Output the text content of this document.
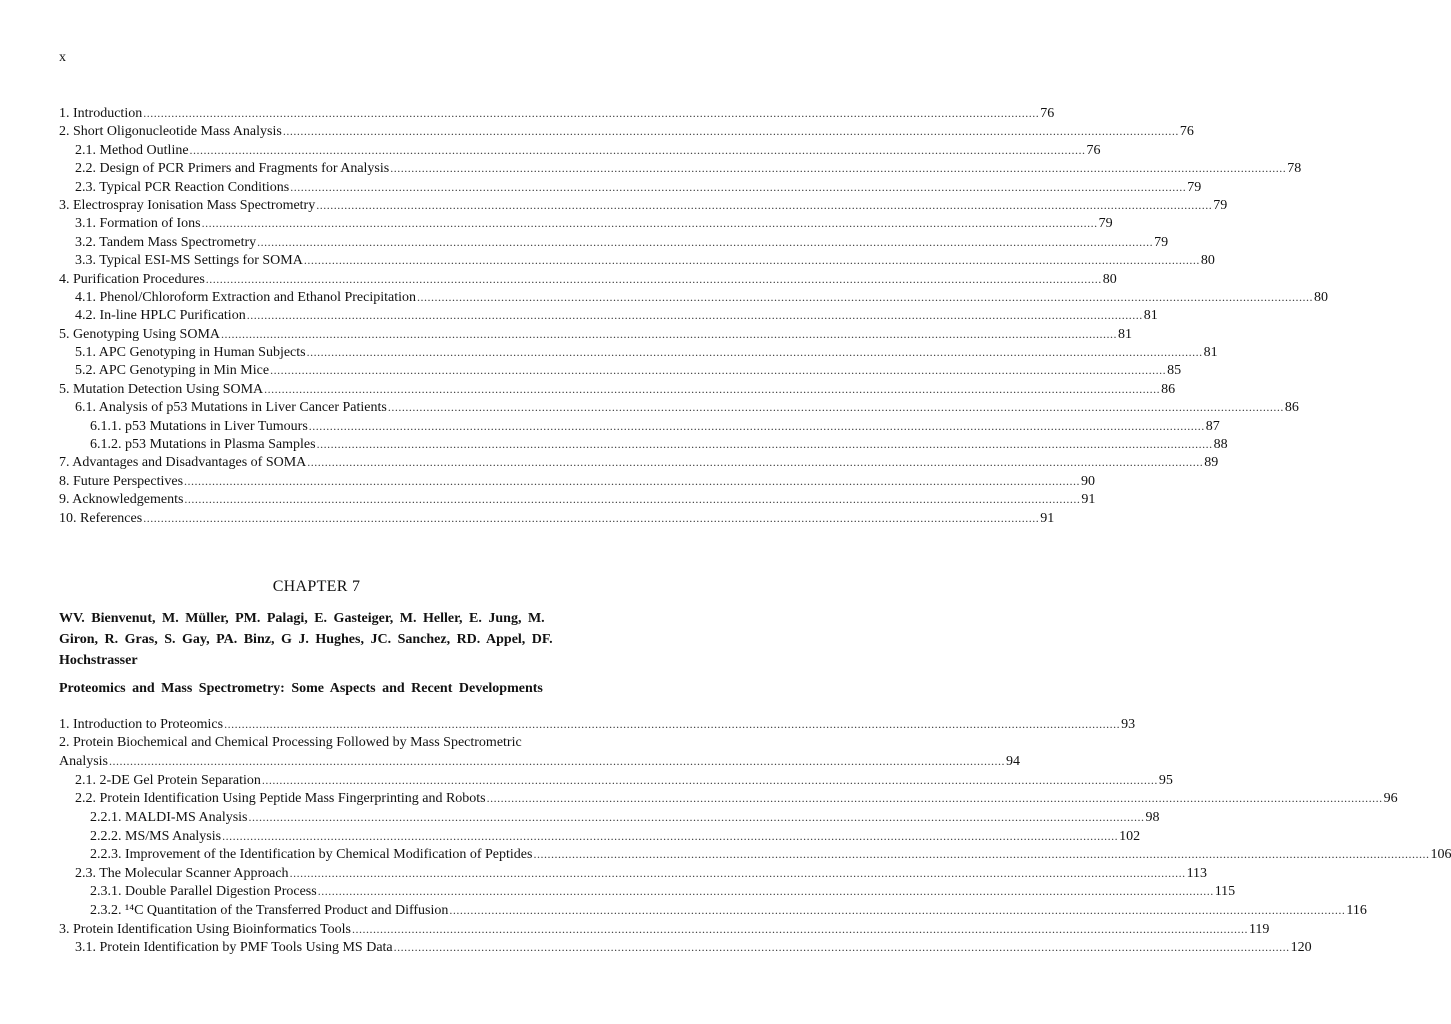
x
1. Introduction .....	76
2. Short Oligonucleotide Mass Analysis .....	76
2.1. Method Outline .....	76
2.2. Design of PCR Primers and Fragments for Analysis .....	78
2.3. Typical PCR Reaction Conditions .....	79
3. Electrospray Ionisation Mass Spectrometry .....	79
3.1. Formation of Ions .....	79
3.2. Tandem Mass Spectrometry .....	79
3.3. Typical ESI-MS Settings for SOMA .....	80
4. Purification Procedures .....	80
4.1. Phenol/Chloroform Extraction and Ethanol Precipitation .....	80
4.2. In-line HPLC Purification .....	81
5. Genotyping Using SOMA .....	81
5.1. APC Genotyping in Human Subjects .....	81
5.2. APC Genotyping in Min Mice .....	85
5. Mutation Detection Using SOMA .....	86
6.1. Analysis of p53 Mutations in Liver Cancer Patients .....	86
6.1.1. p53 Mutations in Liver Tumours .....	87
6.1.2. p53 Mutations in Plasma Samples .....	88
7. Advantages and Disadvantages of SOMA .....	89
8. Future Perspectives .....	90
9. Acknowledgements .....	91
10. References .....	91
CHAPTER 7
WV. Bienvenut, M. Müller, PM. Palagi, E. Gasteiger, M. Heller, E. Jung, M. Giron, R. Gras, S. Gay, PA. Binz, G J. Hughes, JC. Sanchez, RD. Appel, DF. Hochstrasser
Proteomics and Mass Spectrometry: Some Aspects and Recent Developments
1. Introduction to Proteomics .....	93
2. Protein Biochemical and Chemical Processing Followed by Mass Spectrometric
Analysis .....	94
2.1. 2-DE Gel Protein Separation .....	95
2.2. Protein Identification Using Peptide Mass Fingerprinting and Robots .....	96
2.2.1. MALDI-MS Analysis .....	98
2.2.2. MS/MS Analysis .....	102
2.2.3. Improvement of the Identification by Chemical Modification of Peptides .....	106
2.3. The Molecular Scanner Approach .....	113
2.3.1. Double Parallel Digestion Process .....	115
2.3.2. ¹⁴C Quantitation of the Transferred Product and Diffusion .....	116
3. Protein Identification Using Bioinformatics Tools .....	119
3.1. Protein Identification by PMF Tools Using MS Data .....	120
